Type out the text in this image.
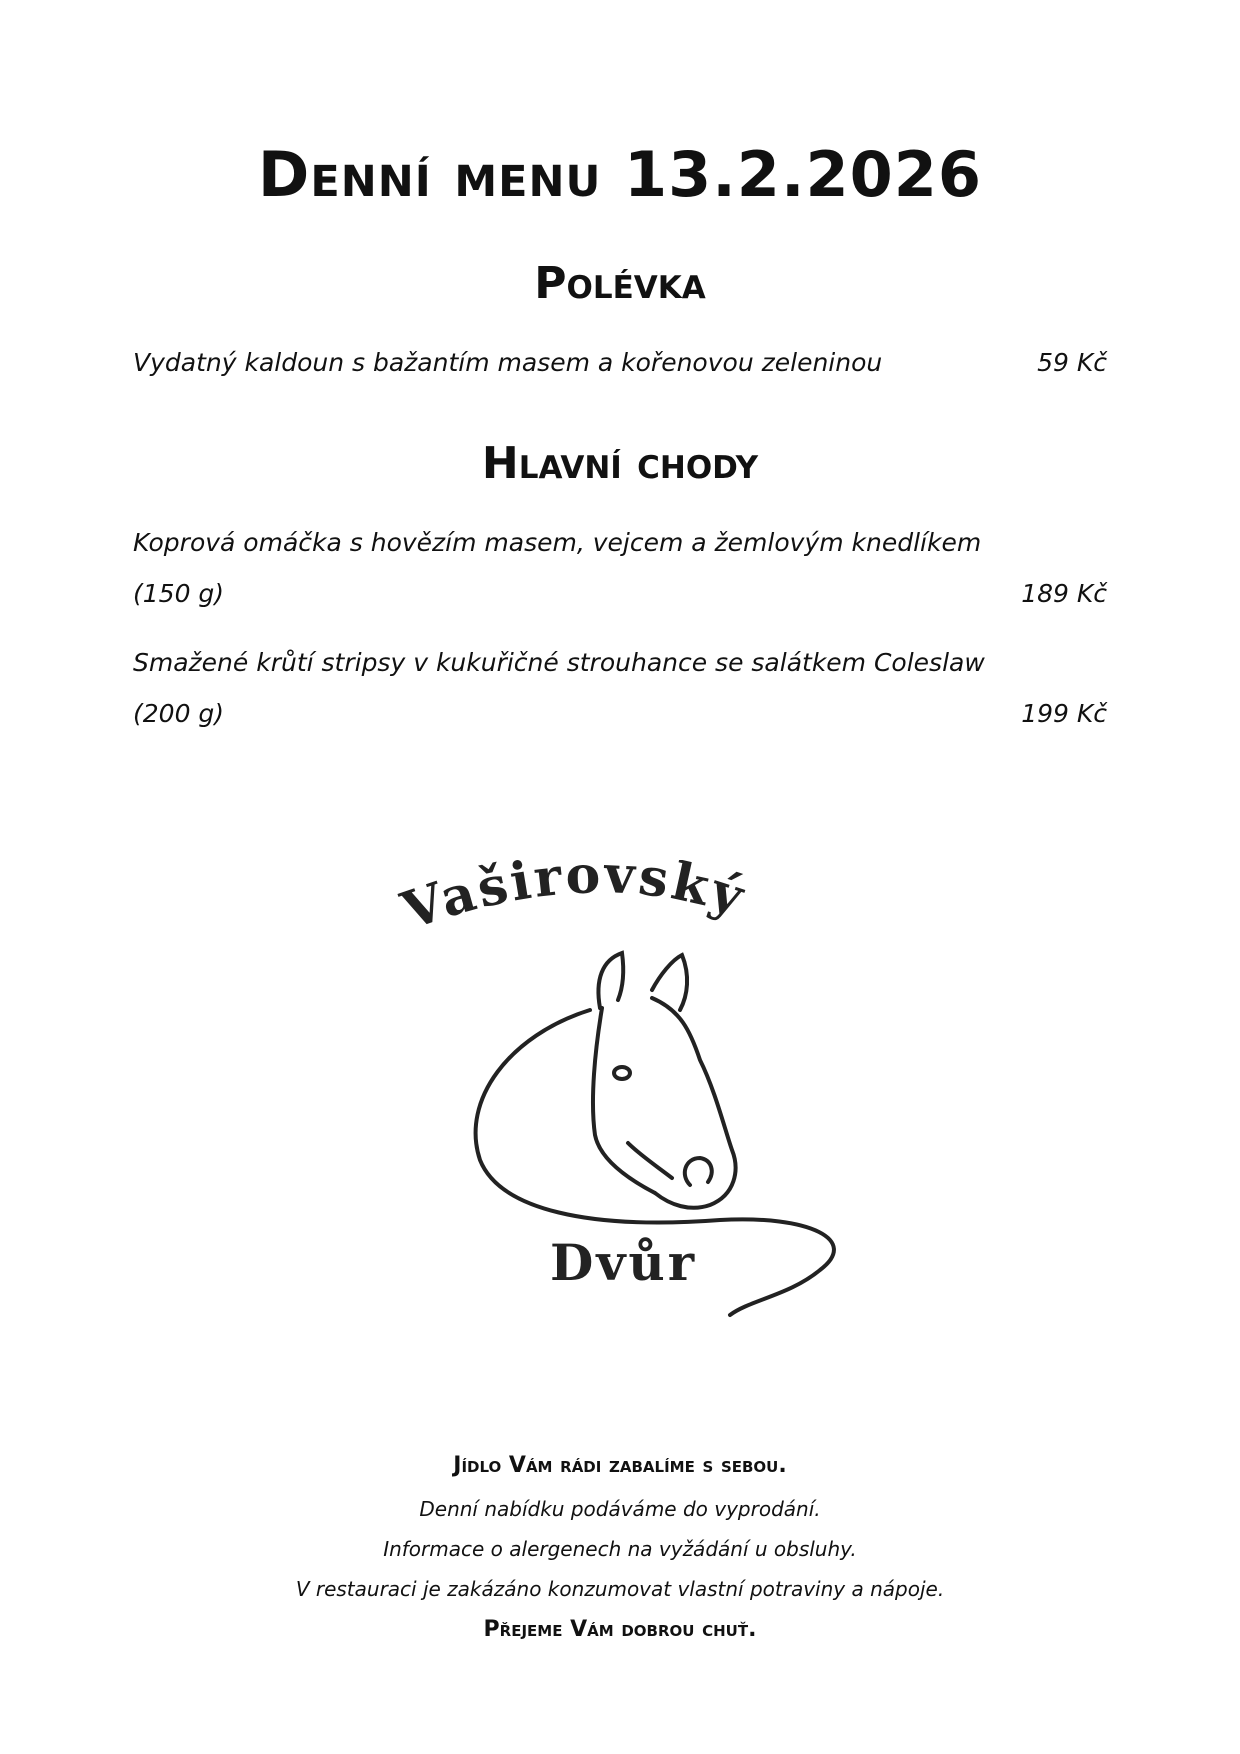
Denní menu 13.2.2026
Polévka
Vydatný kaldoun s bažantím masem a kořenovou zeleninou	59 Kč
Hlavní chody
Koprová omáčka s hovězím masem, vejcem a žemlovým knedlíkem
(150 g)	189 Kč
Smažené krůtí stripsy v kukuřičné strouhance se salátkem Coleslaw
(200 g)	199 Kč
Vaširovský
Dvůr
Jídlo Vám rádi zabalíme s sebou.
Denní nabídku podáváme do vyprodání.
Informace o alergenech na vyžádání u obsluhy.
V restauraci je zakázáno konzumovat vlastní potraviny a nápoje.
Přejeme Vám dobrou chuť.
